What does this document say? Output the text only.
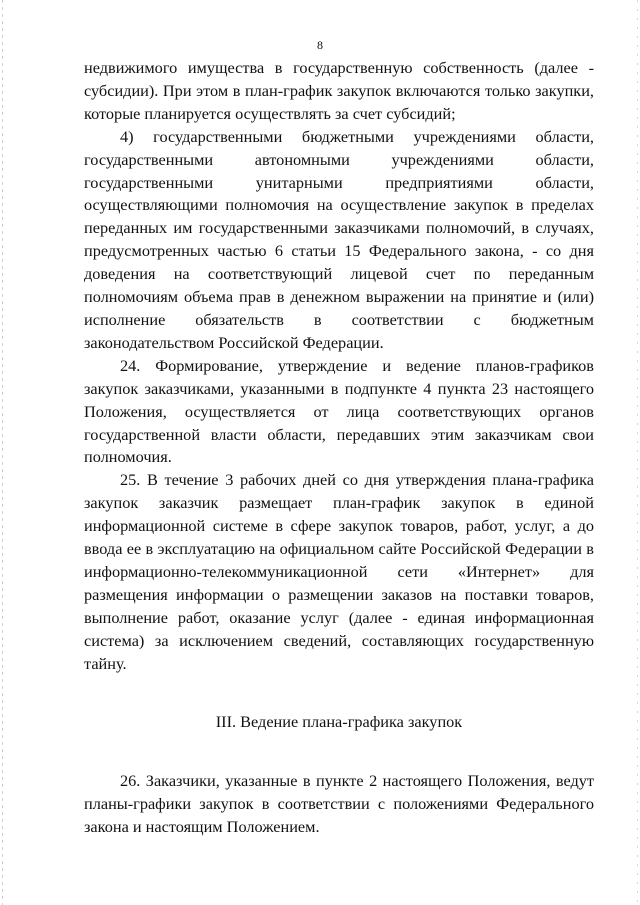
8

недвижимого имущества в государственную собственность (далее - субсидии). При этом в план-график закупок включаются только закупки, которые планируется осуществлять за счет субсидий;

4) государственными бюджетными учреждениями области, государственными автономными учреждениями области, государственными унитарными предприятиями области, осуществляющими полномочия на осуществление закупок в пределах переданных им государственными заказчиками полномочий, в случаях, предусмотренных частью 6 статьи 15 Федерального закона, - со дня доведения на соответствующий лицевой счет по переданным полномочиям объема прав в денежном выражении на принятие и (или) исполнение обязательств в соответствии с бюджетным законодательством Российской Федерации.

24. Формирование, утверждение и ведение планов-графиков закупок заказчиками, указанными в подпункте 4 пункта 23 настоящего Положения, осуществляется от лица соответствующих органов государственной власти области, передавших этим заказчикам свои полномочия.

25. В течение 3 рабочих дней со дня утверждения плана-графика закупок заказчик размещает план-график закупок в единой информационной системе в сфере закупок товаров, работ, услуг, а до ввода ее в эксплуатацию на официальном сайте Российской Федерации в информационно-телекоммуникационной сети «Интернет» для размещения информации о размещении заказов на поставки товаров, выполнение работ, оказание услуг (далее - единая информационная система) за исключением сведений, составляющих государственную тайну.

III. Ведение плана-графика закупок

26. Заказчики, указанные в пункте 2 настоящего Положения, ведут планы-графики закупок в соответствии с положениями Федерального закона и настоящим Положением.
